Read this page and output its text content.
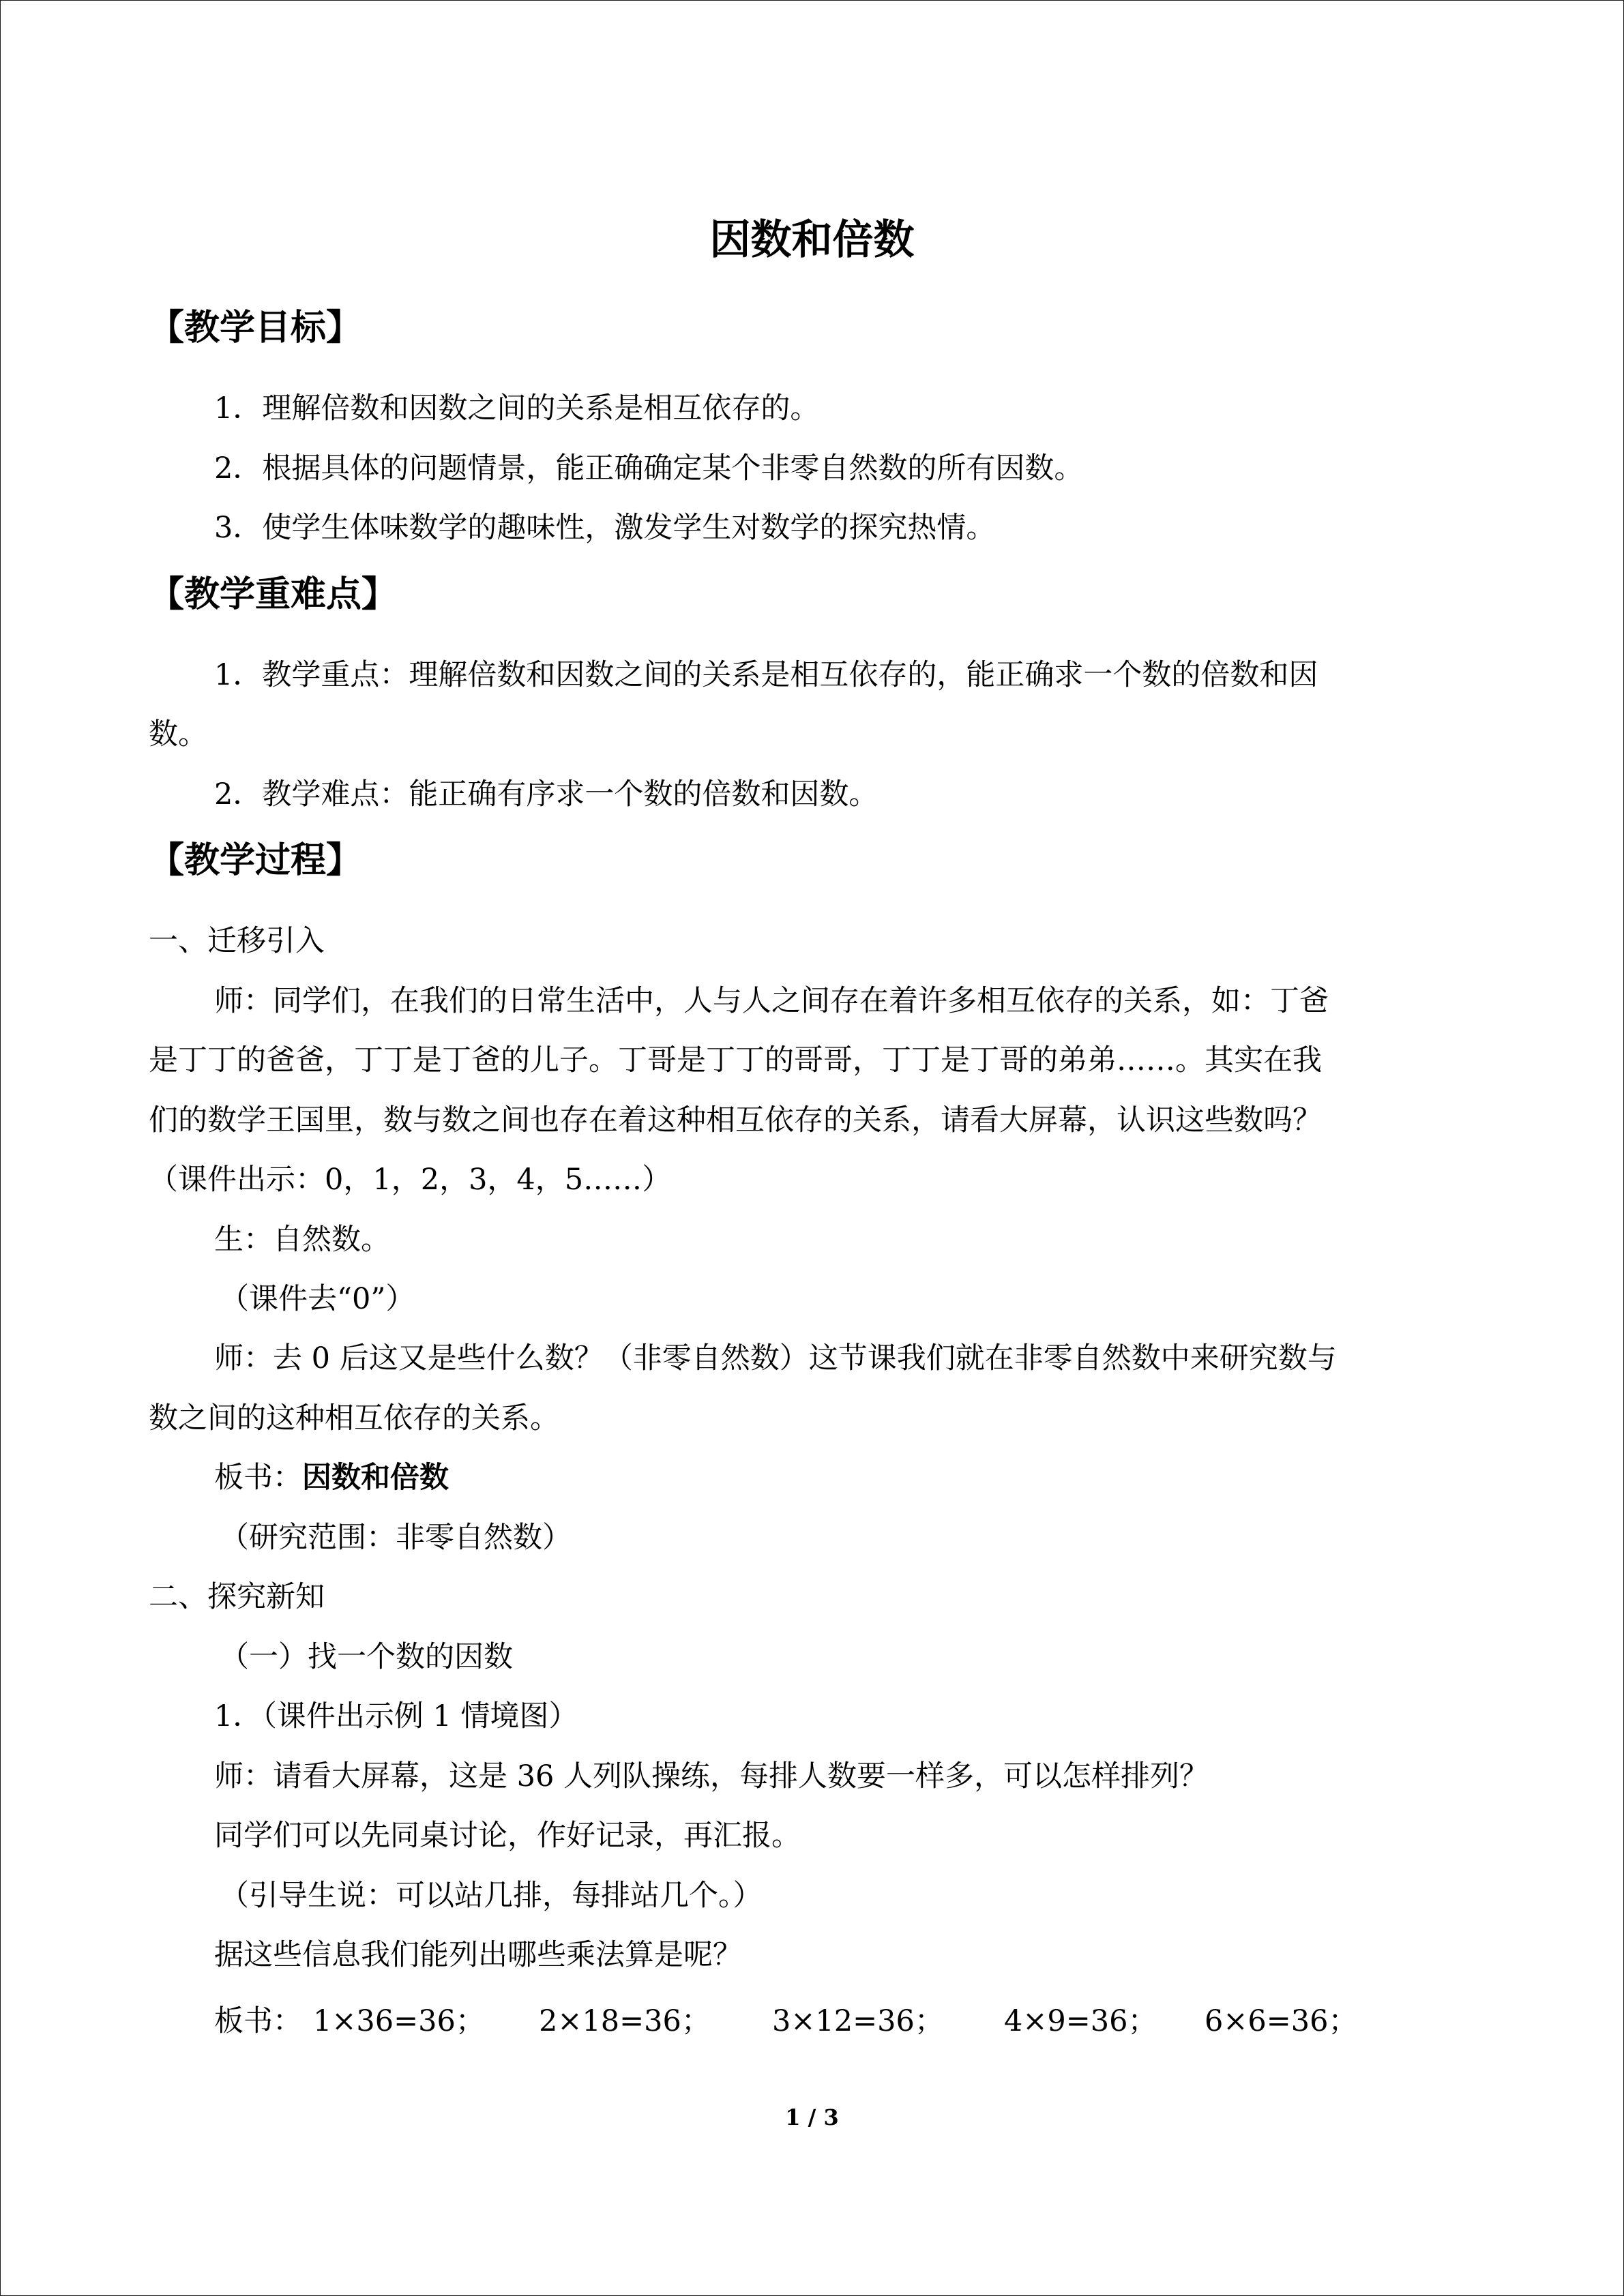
因数和倍数
【教学目标】
1．理解倍数和因数之间的关系是相互依存的。
2．根据具体的问题情景，能正确确定某个非零自然数的所有因数。
3．使学生体味数学的趣味性，激发学生对数学的探究热情。
【教学重难点】
1．教学重点：理解倍数和因数之间的关系是相互依存的，能正确求一个数的倍数和因
数。
2．教学难点：能正确有序求一个数的倍数和因数。
【教学过程】
一、迁移引入
师：同学们，在我们的日常生活中，人与人之间存在着许多相互依存的关系，如：丁爸
是丁丁的爸爸，丁丁是丁爸的儿子。丁哥是丁丁的哥哥，丁丁是丁哥的弟弟……。其实在我
们的数学王国里，数与数之间也存在着这种相互依存的关系，请看大屏幕，认识这些数吗？
（课件出示：0，1，2，3，4，5……）
生：自然数。
（课件去“0”）
师：去 0 后这又是些什么数？（非零自然数）这节课我们就在非零自然数中来研究数与
数之间的这种相互依存的关系。
板书：因数和倍数
（研究范围：非零自然数）
二、探究新知
（一）找一个数的因数
1．（课件出示例 1 情境图）
师：请看大屏幕，这是 36 人列队操练，每排人数要一样多，可以怎样排列？
同学们可以先同桌讨论，作好记录，再汇报。
（引导生说：可以站几排，每排站几个。）
据这些信息我们能列出哪些乘法算是呢？
板书： 1×36=36； 2×18=36； 3×12=36； 4×9=36； 6×6=36；
1 / 3
